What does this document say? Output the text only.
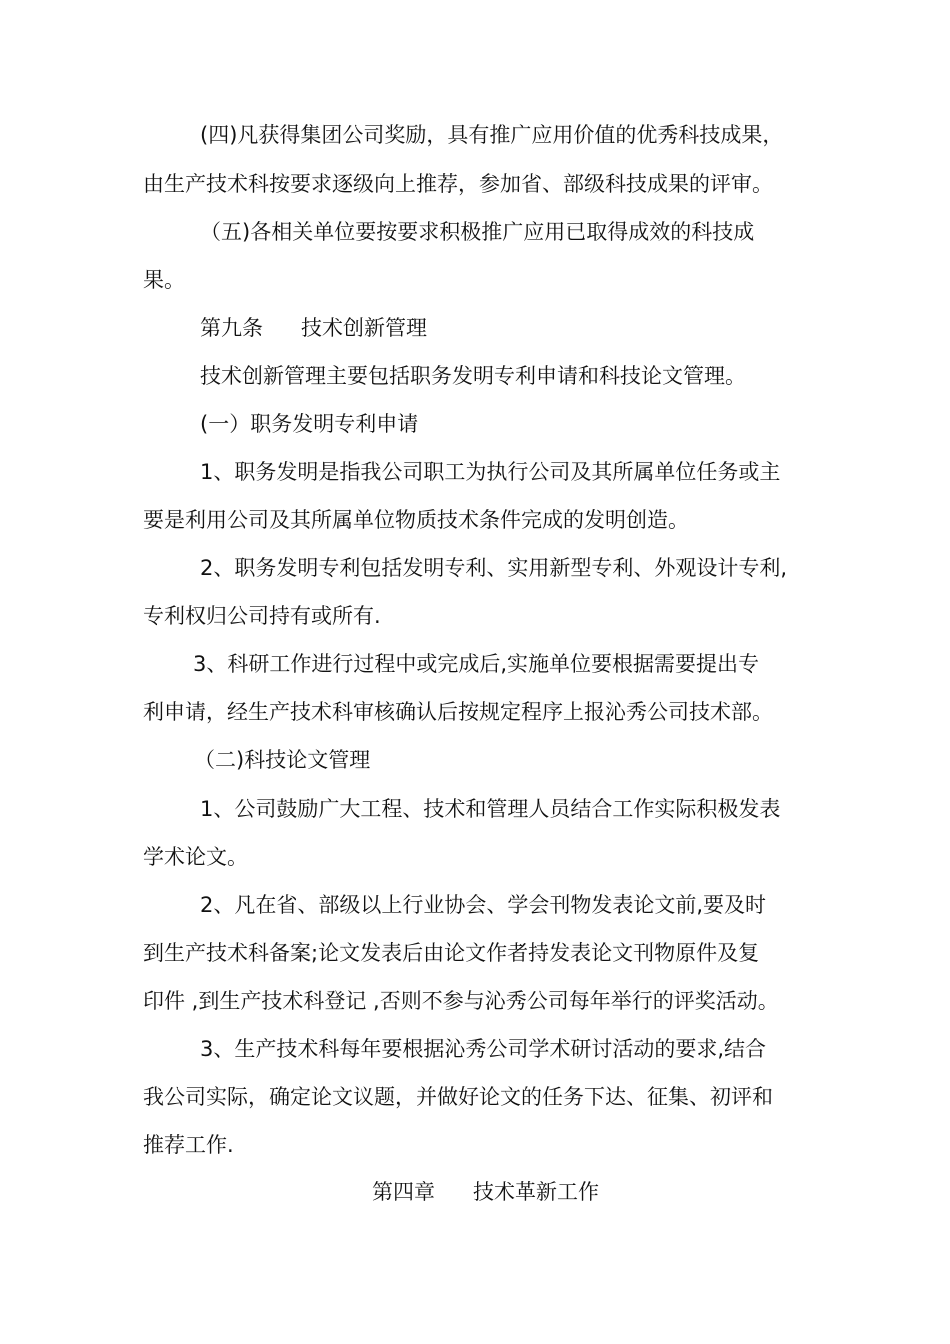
(四)凡获得集团公司奖励，具有推广应用价值的优秀科技成果，
由生产技术科按要求逐级向上推荐，参加省、部级科技成果的评审。
（五)各相关单位要按要求积极推广应用已取得成效的科技成
果。
第九条 技术创新管理
技术创新管理主要包括职务发明专利申请和科技论文管理。
(一）职务发明专利申请
1、职务发明是指我公司职工为执行公司及其所属单位任务或主
要是利用公司及其所属单位物质技术条件完成的发明创造。
2、职务发明专利包括发明专利、实用新型专利、外观设计专利,
专利权归公司持有或所有.
3、科研工作进行过程中或完成后,实施单位要根据需要提出专
利申请，经生产技术科审核确认后按规定程序上报沁秀公司技术部。
（二)科技论文管理
1、公司鼓励广大工程、技术和管理人员结合工作实际积极发表
学术论文。
2、凡在省、部级以上行业协会、学会刊物发表论文前,要及时
到生产技术科备案;论文发表后由论文作者持发表论文刊物原件及复
印件 ,到生产技术科登记 ,否则不参与沁秀公司每年举行的评奖活动。
3、生产技术科每年要根据沁秀公司学术研讨活动的要求,结合
我公司实际，确定论文议题，并做好论文的任务下达、征集、初评和
推荐工作.
第四章 技术革新工作
